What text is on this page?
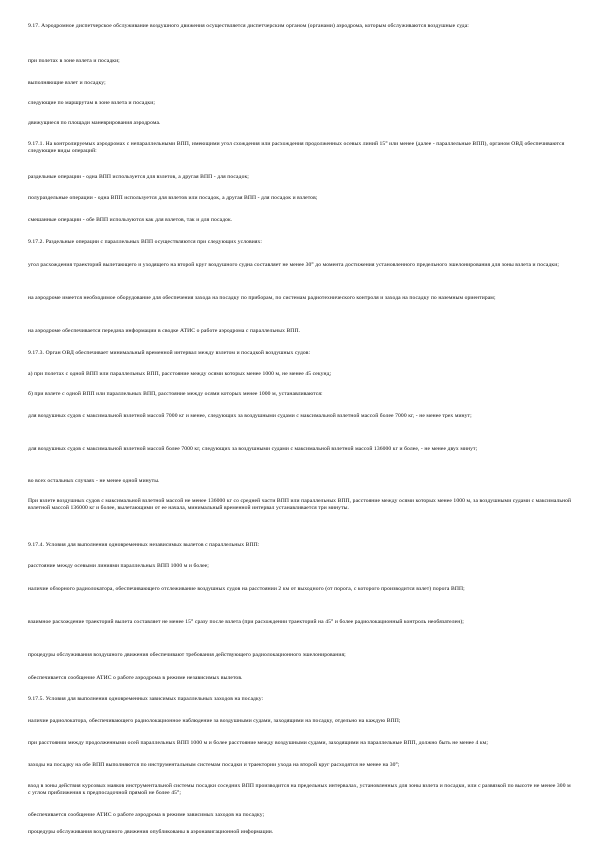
9.17. Аэродромное диспетчерское обслуживание воздушного движения осуществляется диспетчерским органом (органами) аэродрома, которым обслуживаются воздушные суда:

при полетах в зоне взлета и посадки;

выполняющие взлет и посадку;

следующие по маршрутам в зоне взлета и посадки;

движущиеся по площади маневрирования аэродрома.

9.17.1. На контролируемых аэродромах с непараллельными ВПП, имеющими угол схождения или расхождения продолженных осевых линий 15° или менее (далее - параллельные ВПП), органом ОВД обеспечиваются следующие виды операций:

раздельные операции - одна ВПП используется для взлетов, а другая ВПП - для посадок;

полураздельные операции - одна ВПП используется для взлетов или посадок, а другая ВПП - для посадок и взлетов;

смешанные операции - обе ВПП используются как для взлетов, так и для посадок.

9.17.2. Раздельные операции с параллельных ВПП осуществляются при следующих условиях:

угол расхождения траекторий вылетающего и уходящего на второй круг воздушного судна составляет не менее 30° до момента достижения установленного предельного эшелонирования для зоны взлета и посадки;

на аэродроме имеется необходимое оборудование для обеспечения захода на посадку по приборам, по системам радиотехнического контроля и захода на посадку по наземным ориентирам;

на аэродроме обеспечивается передача информации в сводке АТИС о работе аэродрома с параллельных ВПП.

9.17.3. Орган ОВД обеспечивает минимальный временной интервал между взлетом и посадкой воздушных судов:

а) при полетах с одной ВПП или параллельных ВПП, расстояние между осями которых менее 1000 м, не менее 45 секунд;

б) при взлете с одной ВПП или параллельных ВПП, расстояние между осями которых менее 1000 м, устанавливаются:

для воздушных судов с максимальной взлетной массой 7000 кг и менее, следующих за воздушными судами с максимальной взлетной массой более 7000 кг, - не менее трех минут;

для воздушных судов с максимальной взлетной массой более 7000 кг, следующих за воздушными судами с максимальной взлетной массой 136000 кг и более, - не менее двух минут;

во всех остальных случаях - не менее одной минуты.

При взлете воздушных судов с максимальной взлетной массой не менее 136000 кг со средней части ВПП или параллельных ВПП, расстояние между осями которых менее 1000 м, за воздушными судами с максимальной взлетной массой 136000 кг и более, вылетающими от ее начала, минимальный временной интервал устанавливается три минуты.

9.17.4. Условия для выполнения одновременных независимых вылетов с параллельных ВПП:

расстояние между осевыми линиями параллельных ВПП 1000 м и более;

наличие обзорного радиолокатора, обеспечивающего отслеживание воздушных судов на расстоянии 2 км от выходного (от порога, с которого производится взлет) порога ВПП;

взаимное расхождение траекторий вылета составляет не менее 15° сразу после взлета (при расхождении траекторий на 45° и более радиолокационный контроль необязателен);

процедуры обслуживания воздушного движения обеспечивают требования действующего радиолокационного эшелонирования;

обеспечивается сообщение АТИС о работе аэродрома в режиме независимых вылетов.

9.17.5. Условия для выполнения одновременных зависимых параллельных заходов на посадку:

наличие радиолокатора, обеспечивающего радиолокационное наблюдение за воздушными судами, заходящими на посадку, отдельно на каждую ВПП;

при расстоянии между продолженными осей параллельных ВПП 1000 м и более расстояние между воздушными судами, заходящими на параллельные ВПП, должно быть не менее 4 км;

заходы на посадку на обе ВПП выполняются по инструментальным системам посадки и траектории ухода на второй круг расходятся не менее на 30°;

вход в зоны действия курсовых маяков инструментальной системы посадки соседних ВПП производится на предельных интервалах, установленных для зоны взлета и посадки, или с развязкой по высоте не менее 300 м с углом приближения к предпосадочной прямой не более 45°;

обеспечивается сообщение АТИС о работе аэродрома в режиме зависимых заходов на посадку;

процедуры обслуживания воздушного движения опубликованы в аэронавигационной информации.
